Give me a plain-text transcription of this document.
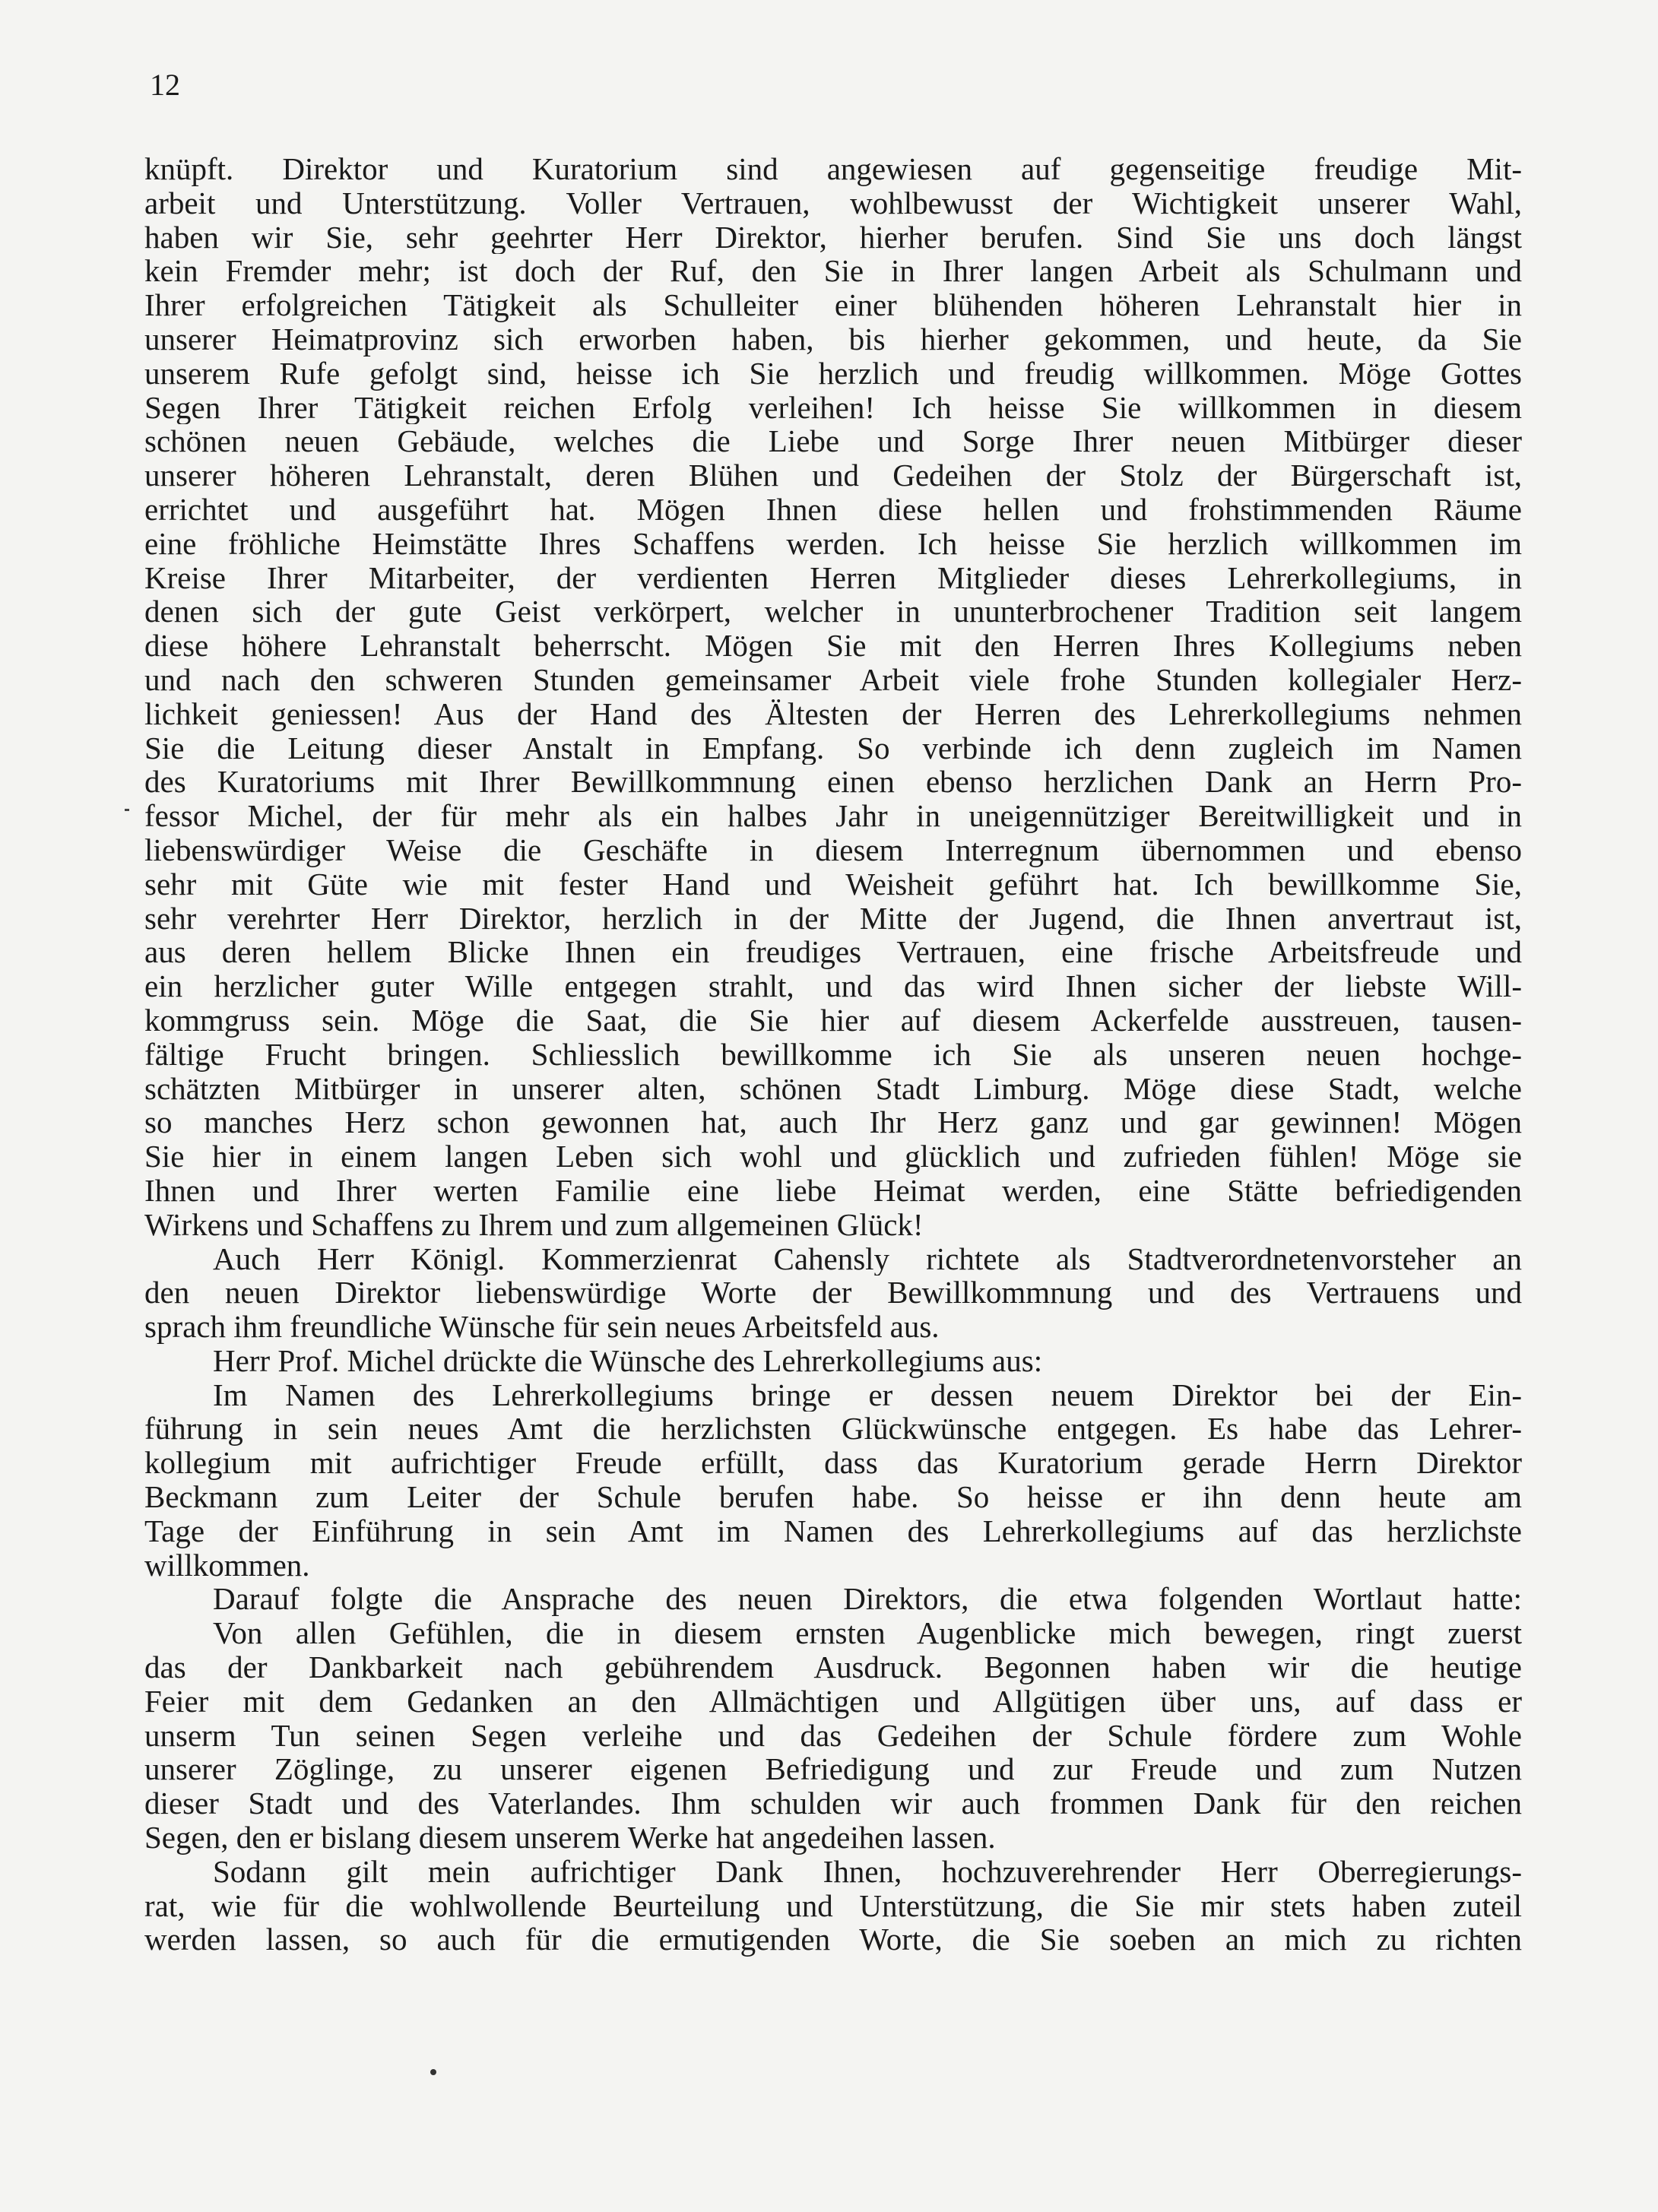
12
knüpft. Direktor und Kuratorium sind angewiesen auf gegenseitige freudige Mit-
arbeit und Unterstützung. Voller Vertrauen, wohlbewusst der Wichtigkeit unserer Wahl,
haben wir Sie, sehr geehrter Herr Direktor, hierher berufen. Sind Sie uns doch längst
kein Fremder mehr; ist doch der Ruf, den Sie in Ihrer langen Arbeit als Schulmann und
Ihrer erfolgreichen Tätigkeit als Schulleiter einer blühenden höheren Lehranstalt hier in
unserer Heimatprovinz sich erworben haben, bis hierher gekommen, und heute, da Sie
unserem Rufe gefolgt sind, heisse ich Sie herzlich und freudig willkommen. Möge Gottes
Segen Ihrer Tätigkeit reichen Erfolg verleihen! Ich heisse Sie willkommen in diesem
schönen neuen Gebäude, welches die Liebe und Sorge Ihrer neuen Mitbürger dieser
unserer höheren Lehranstalt, deren Blühen und Gedeihen der Stolz der Bürgerschaft ist,
errichtet und ausgeführt hat. Mögen Ihnen diese hellen und frohstimmenden Räume
eine fröhliche Heimstätte Ihres Schaffens werden. Ich heisse Sie herzlich willkommen im
Kreise Ihrer Mitarbeiter, der verdienten Herren Mitglieder dieses Lehrerkollegiums, in
denen sich der gute Geist verkörpert, welcher in ununterbrochener Tradition seit langem
diese höhere Lehranstalt beherrscht. Mögen Sie mit den Herren Ihres Kollegiums neben
und nach den schweren Stunden gemeinsamer Arbeit viele frohe Stunden kollegialer Herz-
lichkeit geniessen! Aus der Hand des Ältesten der Herren des Lehrerkollegiums nehmen
Sie die Leitung dieser Anstalt in Empfang. So verbinde ich denn zugleich im Namen
des Kuratoriums mit Ihrer Bewillkommnung einen ebenso herzlichen Dank an Herrn Pro-
fessor Michel, der für mehr als ein halbes Jahr in uneigennütziger Bereitwilligkeit und in
liebenswürdiger Weise die Geschäfte in diesem Interregnum übernommen und ebenso
sehr mit Güte wie mit fester Hand und Weisheit geführt hat. Ich bewillkomme Sie,
sehr verehrter Herr Direktor, herzlich in der Mitte der Jugend, die Ihnen anvertraut ist,
aus deren hellem Blicke Ihnen ein freudiges Vertrauen, eine frische Arbeitsfreude und
ein herzlicher guter Wille entgegen strahlt, und das wird Ihnen sicher der liebste Will-
kommgruss sein. Möge die Saat, die Sie hier auf diesem Ackerfelde ausstreuen, tausen-
fältige Frucht bringen. Schliesslich bewillkomme ich Sie als unseren neuen hochge-
schätzten Mitbürger in unserer alten, schönen Stadt Limburg. Möge diese Stadt, welche
so manches Herz schon gewonnen hat, auch Ihr Herz ganz und gar gewinnen! Mögen
Sie hier in einem langen Leben sich wohl und glücklich und zufrieden fühlen! Möge sie
Ihnen und Ihrer werten Familie eine liebe Heimat werden, eine Stätte befriedigenden
Wirkens und Schaffens zu Ihrem und zum allgemeinen Glück!
Auch Herr Königl. Kommerzienrat Cahensly richtete als Stadtverordnetenvorsteher an
den neuen Direktor liebenswürdige Worte der Bewillkommnung und des Vertrauens und
sprach ihm freundliche Wünsche für sein neues Arbeitsfeld aus.
Herr Prof. Michel drückte die Wünsche des Lehrerkollegiums aus:
Im Namen des Lehrerkollegiums bringe er dessen neuem Direktor bei der Ein-
führung in sein neues Amt die herzlichsten Glückwünsche entgegen. Es habe das Lehrer-
kollegium mit aufrichtiger Freude erfüllt, dass das Kuratorium gerade Herrn Direktor
Beckmann zum Leiter der Schule berufen habe. So heisse er ihn denn heute am
Tage der Einführung in sein Amt im Namen des Lehrerkollegiums auf das herzlichste
willkommen.
Darauf folgte die Ansprache des neuen Direktors, die etwa folgenden Wortlaut hatte:
Von allen Gefühlen, die in diesem ernsten Augenblicke mich bewegen, ringt zuerst
das der Dankbarkeit nach gebührendem Ausdruck. Begonnen haben wir die heutige
Feier mit dem Gedanken an den Allmächtigen und Allgütigen über uns, auf dass er
unserm Tun seinen Segen verleihe und das Gedeihen der Schule fördere zum Wohle
unserer Zöglinge, zu unserer eigenen Befriedigung und zur Freude und zum Nutzen
dieser Stadt und des Vaterlandes. Ihm schulden wir auch frommen Dank für den reichen
Segen, den er bislang diesem unserem Werke hat angedeihen lassen.
Sodann gilt mein aufrichtiger Dank Ihnen, hochzuverehrender Herr Oberregierungs-
rat, wie für die wohlwollende Beurteilung und Unterstützung, die Sie mir stets haben zuteil
werden lassen, so auch für die ermutigenden Worte, die Sie soeben an mich zu richten
